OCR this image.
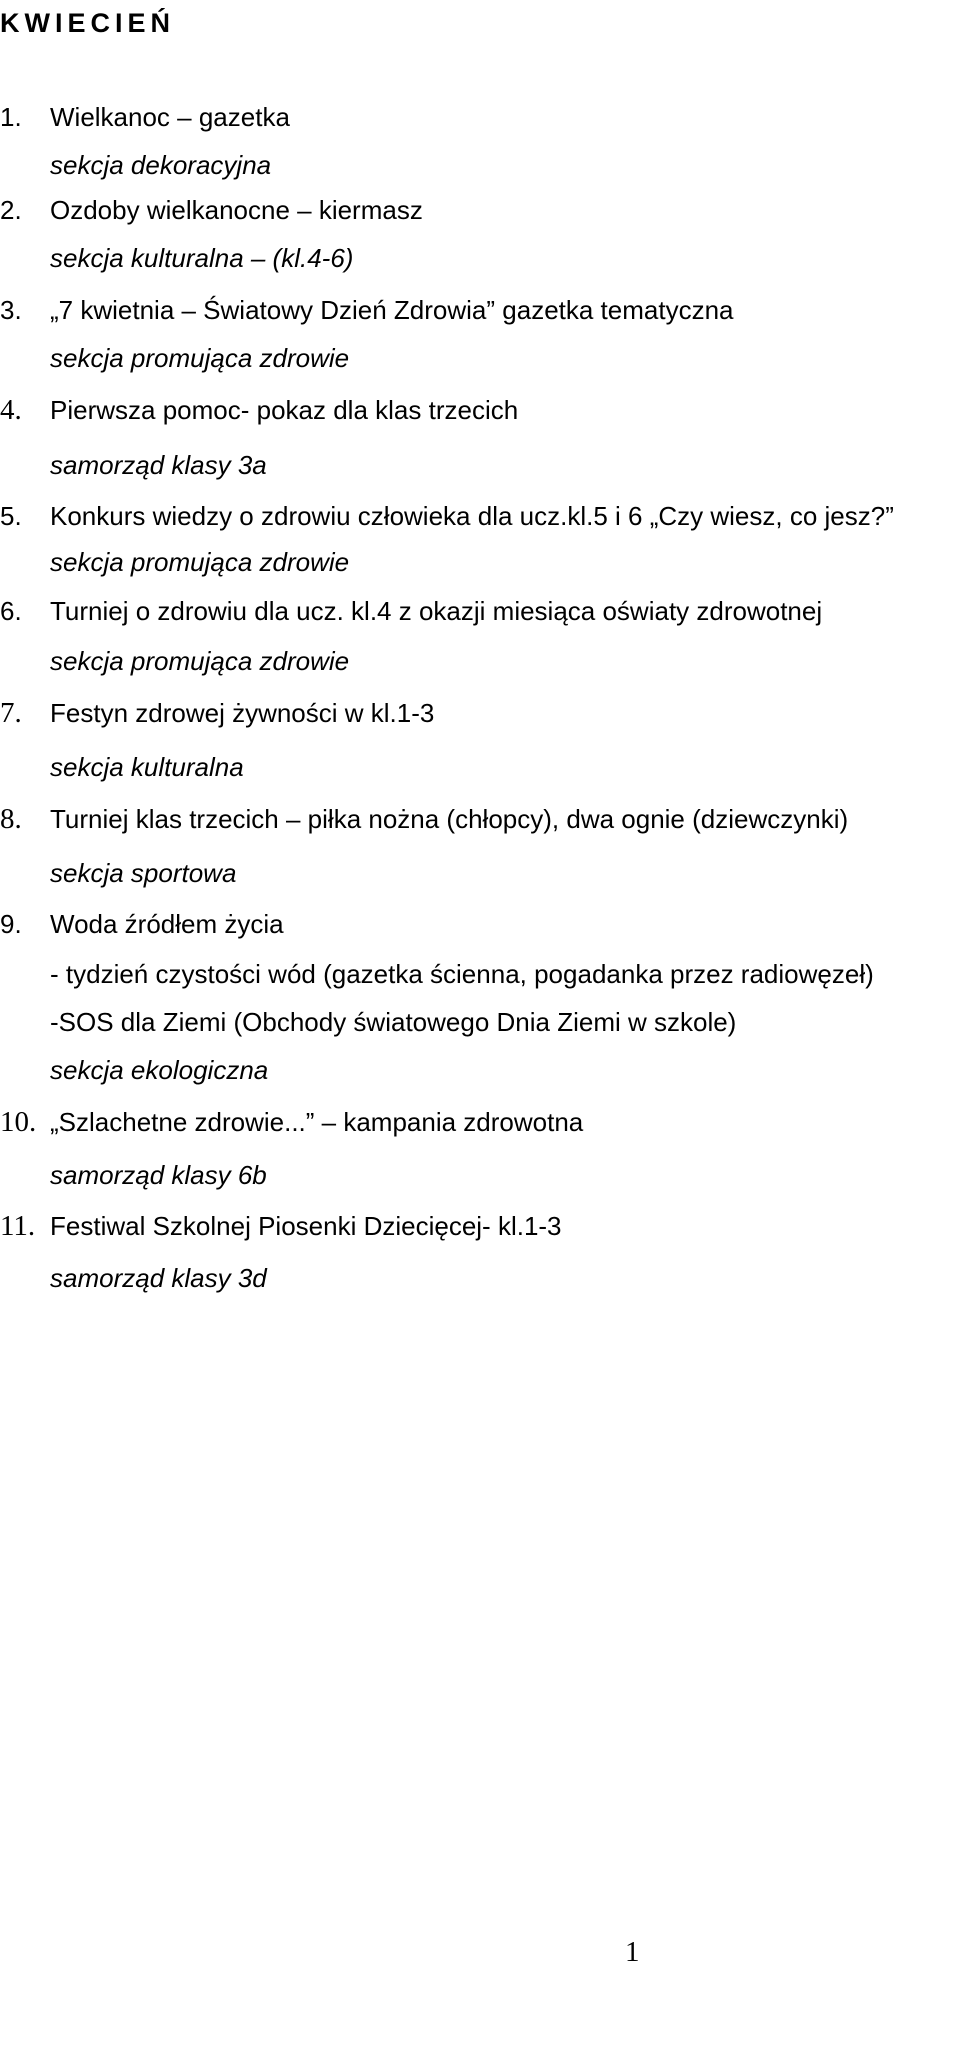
KWIECIEŃ
1. Wielkanoc – gazetka
sekcja dekoracyjna
2. Ozdoby wielkanocne – kiermasz
sekcja kulturalna – (kl.4-6)
3. „7 kwietnia – Światowy Dzień Zdrowia” gazetka tematyczna
sekcja promująca zdrowie
4. Pierwsza pomoc- pokaz dla klas trzecich
samorząd klasy 3a
5. Konkurs wiedzy o zdrowiu człowieka dla ucz.kl.5 i 6 „Czy wiesz, co jesz?”
sekcja promująca zdrowie
6. Turniej o zdrowiu dla ucz. kl.4 z okazji miesiąca oświaty zdrowotnej
sekcja promująca zdrowie
7. Festyn zdrowej żywności w kl.1-3
sekcja kulturalna
8. Turniej klas trzecich – piłka nożna (chłopcy), dwa ognie (dziewczynki)
sekcja sportowa
9. Woda źródłem życia
- tydzień czystości wód (gazetka ścienna, pogadanka przez radiowęzeł)
-SOS dla Ziemi (Obchody światowego Dnia Ziemi w szkole)
sekcja ekologiczna
10. „Szlachetne zdrowie...” – kampania zdrowotna
samorząd klasy 6b
11. Festiwal Szkolnej Piosenki Dziecięcej- kl.1-3
samorząd klasy 3d
1
